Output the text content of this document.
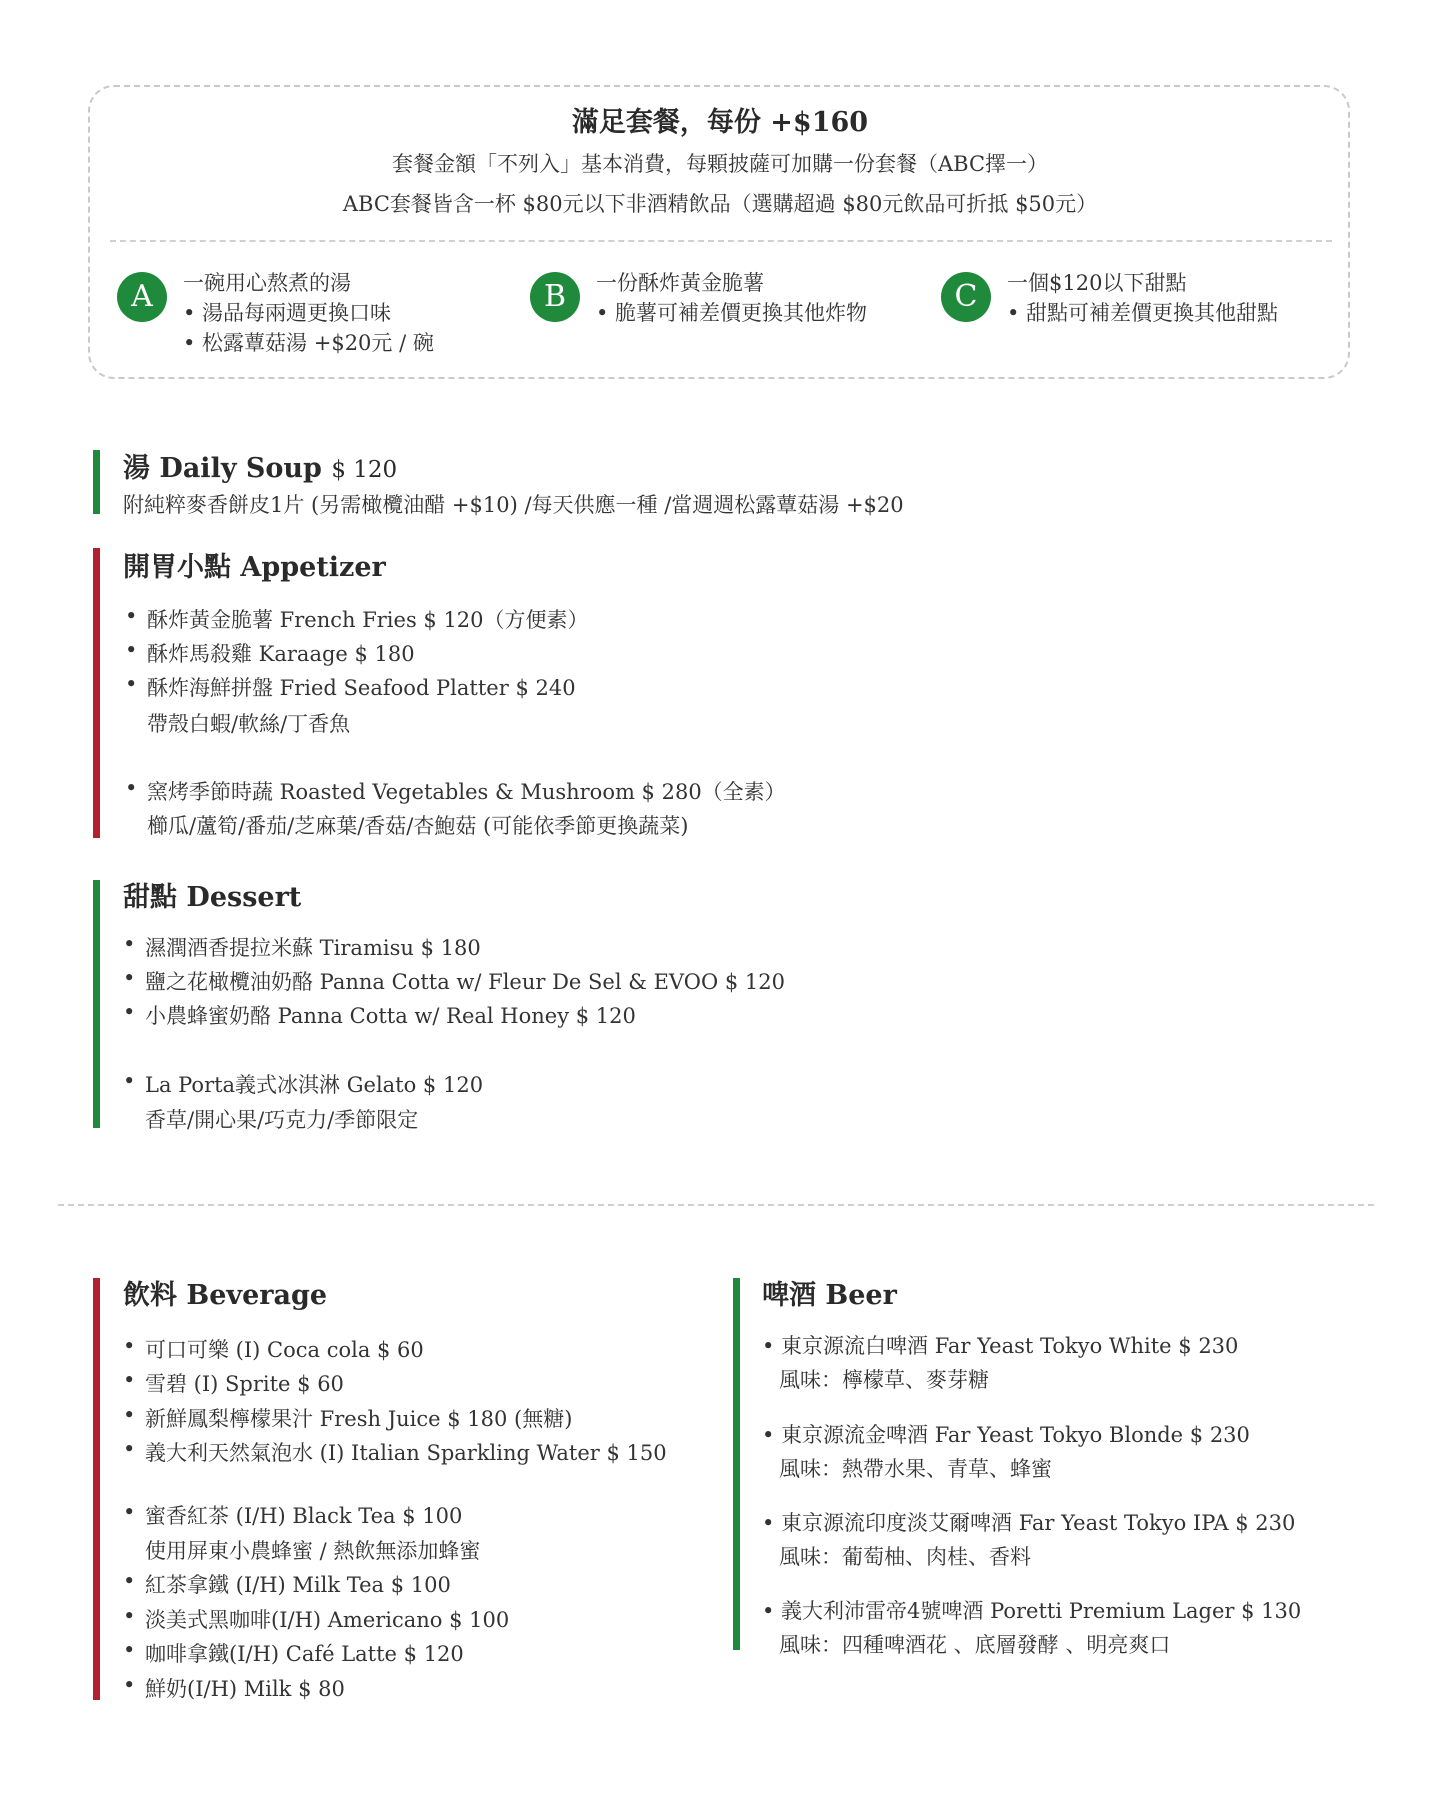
滿足套餐，每份 +$160
套餐金額「不列入」基本消費，每顆披薩可加購一份套餐（ABC擇一）
ABC套餐皆含一杯 $80元以下非酒精飲品（選購超過 $80元飲品可折抵 $50元）
A	一碗用心熬煮的湯
• 湯品每兩週更換口味
• 松露蕈菇湯 +$20元 / 碗
B	一份酥炸黃金脆薯
• 脆薯可補差價更換其他炸物	C	一個$120以下甜點
• 甜點可補差價更換其他甜點
湯 Daily Soup $ 120
附純粹麥香餅皮1片 (另需橄欖油醋 +$10) /每天供應一種 /當週週松露蕈菇湯 +$20
開胃小點 Appetizer
• 酥炸黃金脆薯 French Fries $ 120（方便素）
• 酥炸馬殺雞 Karaage $ 180
• 酥炸海鮮拼盤 Fried Seafood Platter $ 240
帶殼白蝦/軟絲/丁香魚
• 窯烤季節時蔬 Roasted Vegetables & Mushroom $ 280（全素）
櫛瓜/蘆筍/番茄/芝麻葉/香菇/杏鮑菇 (可能依季節更換蔬菜)
甜點 Dessert
• 濕潤酒香提拉米蘇 Tiramisu $ 180
• 鹽之花橄欖油奶酪 Panna Cotta w/ Fleur De Sel & EVOO $ 120
• 小農蜂蜜奶酪 Panna Cotta w/ Real Honey $ 120
• La Porta義式冰淇淋 Gelato $ 120
香草/開心果/巧克力/季節限定
飲料 Beverage
• 可口可樂 (I) Coca cola $ 60
• 雪碧 (I) Sprite $ 60
• 新鮮鳳梨檸檬果汁 Fresh Juice $ 180 (無糖)
• 義大利天然氣泡水 (I) Italian Sparkling Water $ 150
• 蜜香紅茶 (I/H) Black Tea $ 100
使用屏東小農蜂蜜 / 熱飲無添加蜂蜜
• 紅茶拿鐵 (I/H) Milk Tea $ 100
• 淡美式黑咖啡(I/H) Americano $ 100
• 咖啡拿鐵(I/H) Café Latte $ 120
• 鮮奶(I/H) Milk $ 80
啤酒 Beer
• 東京源流白啤酒 Far Yeast Tokyo White $ 230
風味：檸檬草、麥芽糖
• 東京源流金啤酒 Far Yeast Tokyo Blonde $ 230
風味：熱帶水果、青草、蜂蜜
• 東京源流印度淡艾爾啤酒 Far Yeast Tokyo IPA $ 230
風味：葡萄柚、肉桂、香料
• 義大利沛雷帝4號啤酒 Poretti Premium Lager $ 130
風味：四種啤酒花 、底層發酵 、明亮爽口
